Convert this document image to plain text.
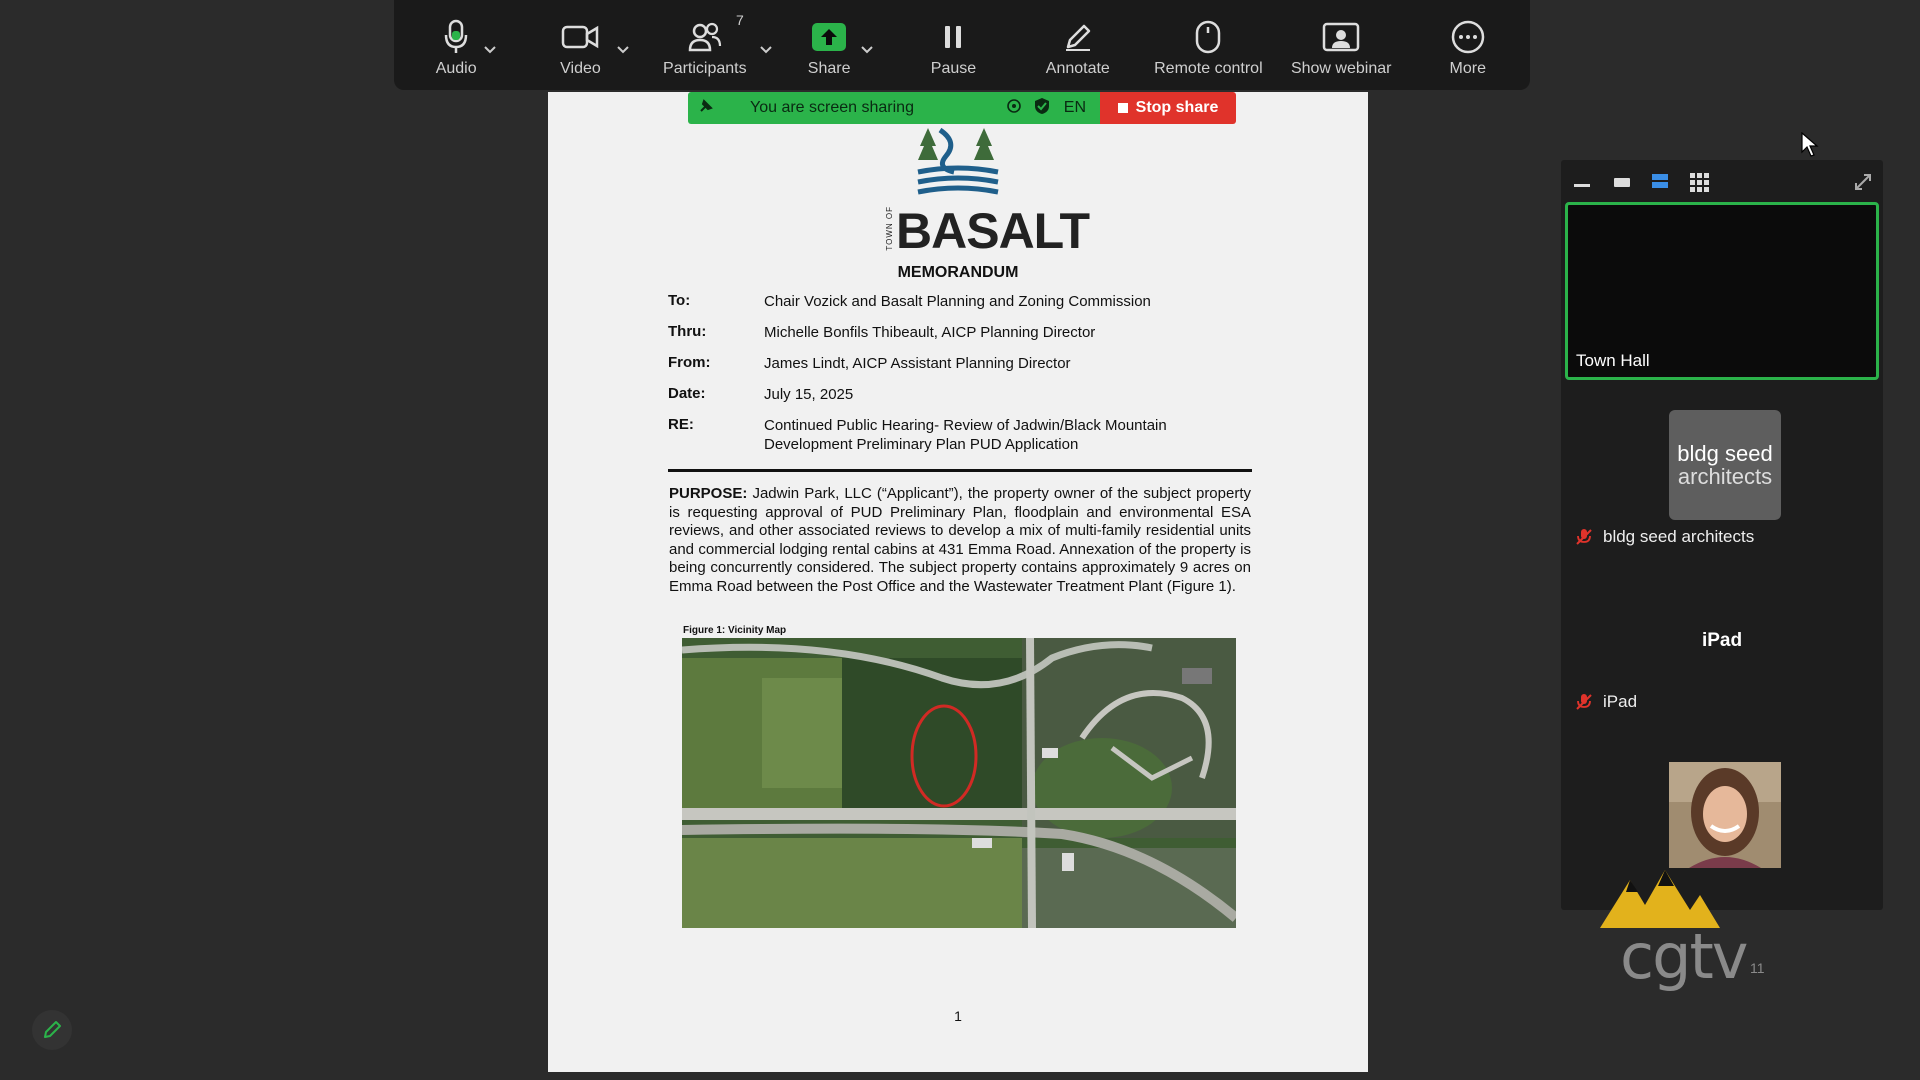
Audio	Video
7
Participants	Share	Pause	Annotate	Remote control Show webinar	More
TOWN OF BASALT
MEMORANDUM
To:	Chair Vozick and Basalt Planning and Zoning Commission
Thru:	Michelle Bonfils Thibeault, AICP Planning Director
From:	James Lindt, AICP Assistant Planning Director
Date:	July 15, 2025
RE:	Continued Public Hearing- Review of Jadwin/Black Mountain Development Preliminary Plan PUD Application
PURPOSE: Jadwin Park, LLC (“Applicant”), the property owner of the subject property is requesting approval of PUD Preliminary Plan, floodplain and environmental ESA reviews, and other associated reviews to develop a mix of multi-family residential units and commercial lodging rental cabins at 431 Emma Road. Annexation of the property is being concurrently considered. The subject property contains approximately 9 acres on Emma Road between the Post Office and the Wastewater Treatment Plant (Figure 1).
Figure 1: Vicinity Map
1
You are screen sharing	EN	Stop share
Town Hall
bldg seed
architects
bldg seed architects
iPad
iPad
cgtv 11
